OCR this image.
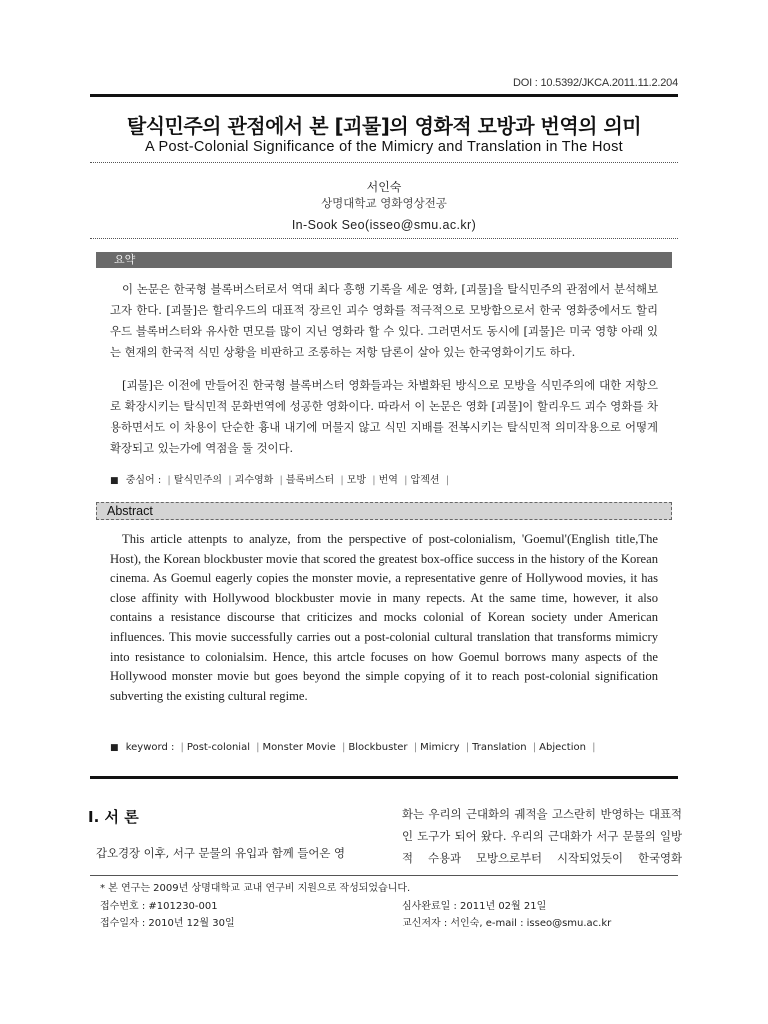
DOI : 10.5392/JKCA.2011.11.2.204
탈식민주의 관점에서 본 [괴물]의 영화적 모방과 번역의 의미
A Post-Colonial Significance of the Mimicry and Translation in The Host
서인숙
상명대학교 영화영상전공
In-Sook Seo(isseo@smu.ac.kr)
요약
이 논문은 한국형 블록버스터로서 역대 최다 흥행 기록을 세운 영화, [괴물]을 탈식민주의 관점에서 분석해보고자 한다. [괴물]은 할리우드의 대표적 장르인 괴수 영화를 적극적으로 모방함으로서 한국 영화중에서도 할리우드 블록버스터와 유사한 면모를 많이 지닌 영화라 할 수 있다. 그러면서도 동시에 [괴물]은 미국 영향 아래 있는 현재의 한국적 식민 상황을 비판하고 조롱하는 저항 담론이 살아 있는 한국영화이기도 하다.
[괴물]은 이전에 만들어진 한국형 블록버스터 영화들과는 차별화된 방식으로 모방을 식민주의에 대한 저항으로 확장시키는 탈식민적 문화번역에 성공한 영화이다. 따라서 이 논문은 영화 [괴물]이 할리우드 괴수 영화를 차용하면서도 이 차용이 단순한 흉내 내기에 머물지 않고 식민 지배를 전복시키는 탈식민적 의미작용으로 어떻게 확장되고 있는가에 역점을 둘 것이다.
■ 중심어 : | 탈식민주의 | 괴수영화 | 블록버스터 | 모방 | 번역 | 압젝션 |
Abstract
This article attenpts to analyze, from the perspective of post-colonialism, 'Goemul'(English title,The Host), the Korean blockbuster movie that scored the greatest box-office success in the history of the Korean cinema. As Goemul eagerly copies the monster movie, a representative genre of Hollywood movies, it has close affinity with Hollywood blockbuster movie in many repects. At the same time, however, it also contains a resistance discourse that criticizes and mocks colonial of Korean society under American influences. This movie successfully carries out a post-colonial cultural translation that transforms mimicry into resistance to colonialsim. Hence, this artcle focuses on how Goemul borrows many aspects of the Hollywood monster movie but goes beyond the simple copying of it to reach post-colonial signification subverting the existing cultural regime.
■ keyword : | Post-colonial | Monster Movie | Blockbuster | Mimicry | Translation | Abjection |
I. 서 론
갑오경장 이후, 서구 문물의 유입과 함께 들어온 영
화는 우리의 근대화의 궤적을 고스란히 반영하는 대표적인 도구가 되어 왔다. 우리의 근대화가 서구 문물의 일방적 수용과 모방으로부터 시작되었듯이 한국영화
* 본 연구는 2009년 상명대학교 교내 연구비 지원으로 작성되었습니다.
접수번호 : #101230-001
접수일자 : 2010년 12월 30일
심사완료일 : 2011년 02월 21일
교신저자 : 서인숙, e-mail : isseo@smu.ac.kr
